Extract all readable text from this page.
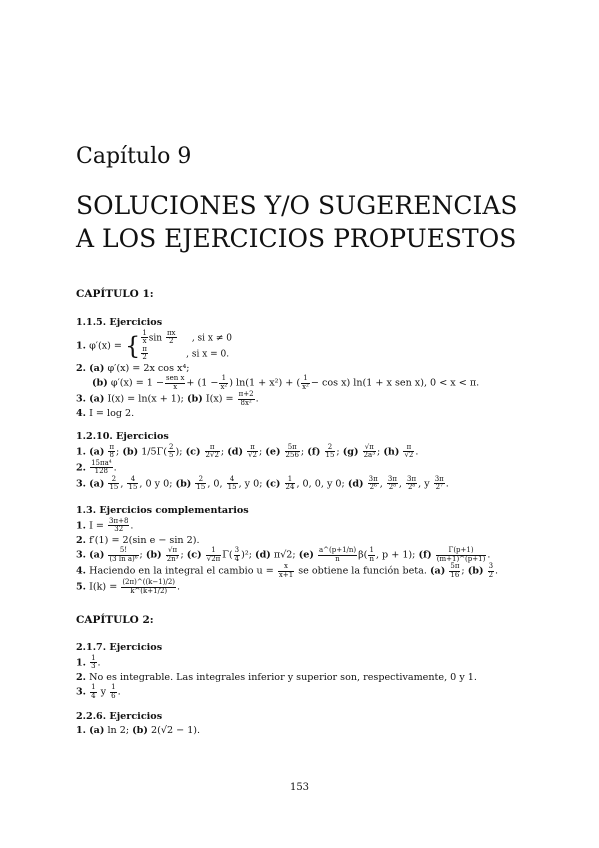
Capítulo 9
SOLUCIONES Y/O SUGERENCIAS
A LOS EJERCICIOS PROPUESTOS
CAPÍTULO 1:
1.1.5. Ejercicios
1. φ′(x) = { $\frac{1}{x}$ $\sin \frac{\pi x}{2}$ , si x ≠ 0
$\frac{\pi}{2}$	, si x = 0.
2. (a) φ′(x) = 2x cos x⁴;
(b) $\varphi'(x) = 1 - \frac{\text{sen x}}{x} + (1 - \frac{1}{\text{x²}}$ ) ln(1 + x²) + ( $\frac{1}{\text{x²}} - \cos x$) ln(1 + x sen x), 0 < x < π.
3. (a) I(x) = ln(x + 1); (b) $I(x) = \frac{\pi+2}{\text{8x²}}$ .
4. I = log 2.
1.2.10. Ejercicios
1. $(a) \frac{\pi}{8}$ ; (b) $1/5\Gamma( \frac{2}{5}$ ); $(c) \frac{\pi}{2√2}$ ; $(d) \frac{\pi}{√2}$ ; $(e) \frac{5\pi}{256}$ ; $(f) \frac{2}{15}$ ; $(g) \frac{√\pi}{\text{2a³}}$ ; $(h) \frac{\pi}{√2}$ .
2. $\frac{\text{15πa⁴}}{128}$ .
3. $(a) \frac{2}{15}$ , $\frac{4}{15}$ , 0 y 0; $(b) \frac{2}{15}$ , 0, $\frac{4}{15}$ , y 0; $(c) \frac{1}{24}$ , 0, 0, y 0; $(d) \frac{3\pi}{\text{2⁶}}$ , $\frac{3\pi}{\text{2⁸}}$ , $\frac{3\pi}{\text{2⁸}}$ , y $\frac{3\pi}{\text{2⁷}}$ .
1.3. Ejercicios complementarios
1. $I = \frac{3\pi+8}{32}$ .
2. f′(1) = 2(sin e − sin 2).
3. $(a) \frac{5!}{\text{(3 ln a)⁶}}$ ; $(b) \frac{√\pi}{\text{2n³}}$ ; $(c) \frac{1}{√2\pi} \Gamma( \frac{3}{4} )^2$; (d) π√2; $(e) \frac{a\^{}(p+1/n)}{n} \beta( \frac{1}{n}$ , p + 1); $(f) \frac{\Gamma(p+1)}{(m+1)\^{}(p+1)}$ .
4. Haciendo en la integral el cambio $u = \frac{x}{x+1}$ se obtiene la función beta. $(a) \frac{5\pi}{16}$ ; $(b) \frac{3}{2}$ .
5. $I(k) = \frac{(2\pi)\^{}((k-1)/2)}{k\^{}(k+1/2)}$ .
CAPÍTULO 2:
2.1.7. Ejercicios
1. $\frac{1}{3}$ .
2. No es integrable. Las integrales inferior y superior son, respectivamente, 0 y 1.
3. $\frac{1}{4}$ y $\frac{1}{6}$ .
2.2.6. Ejercicios
1. (a) ln 2; (b) 2(√2 − 1).
153
